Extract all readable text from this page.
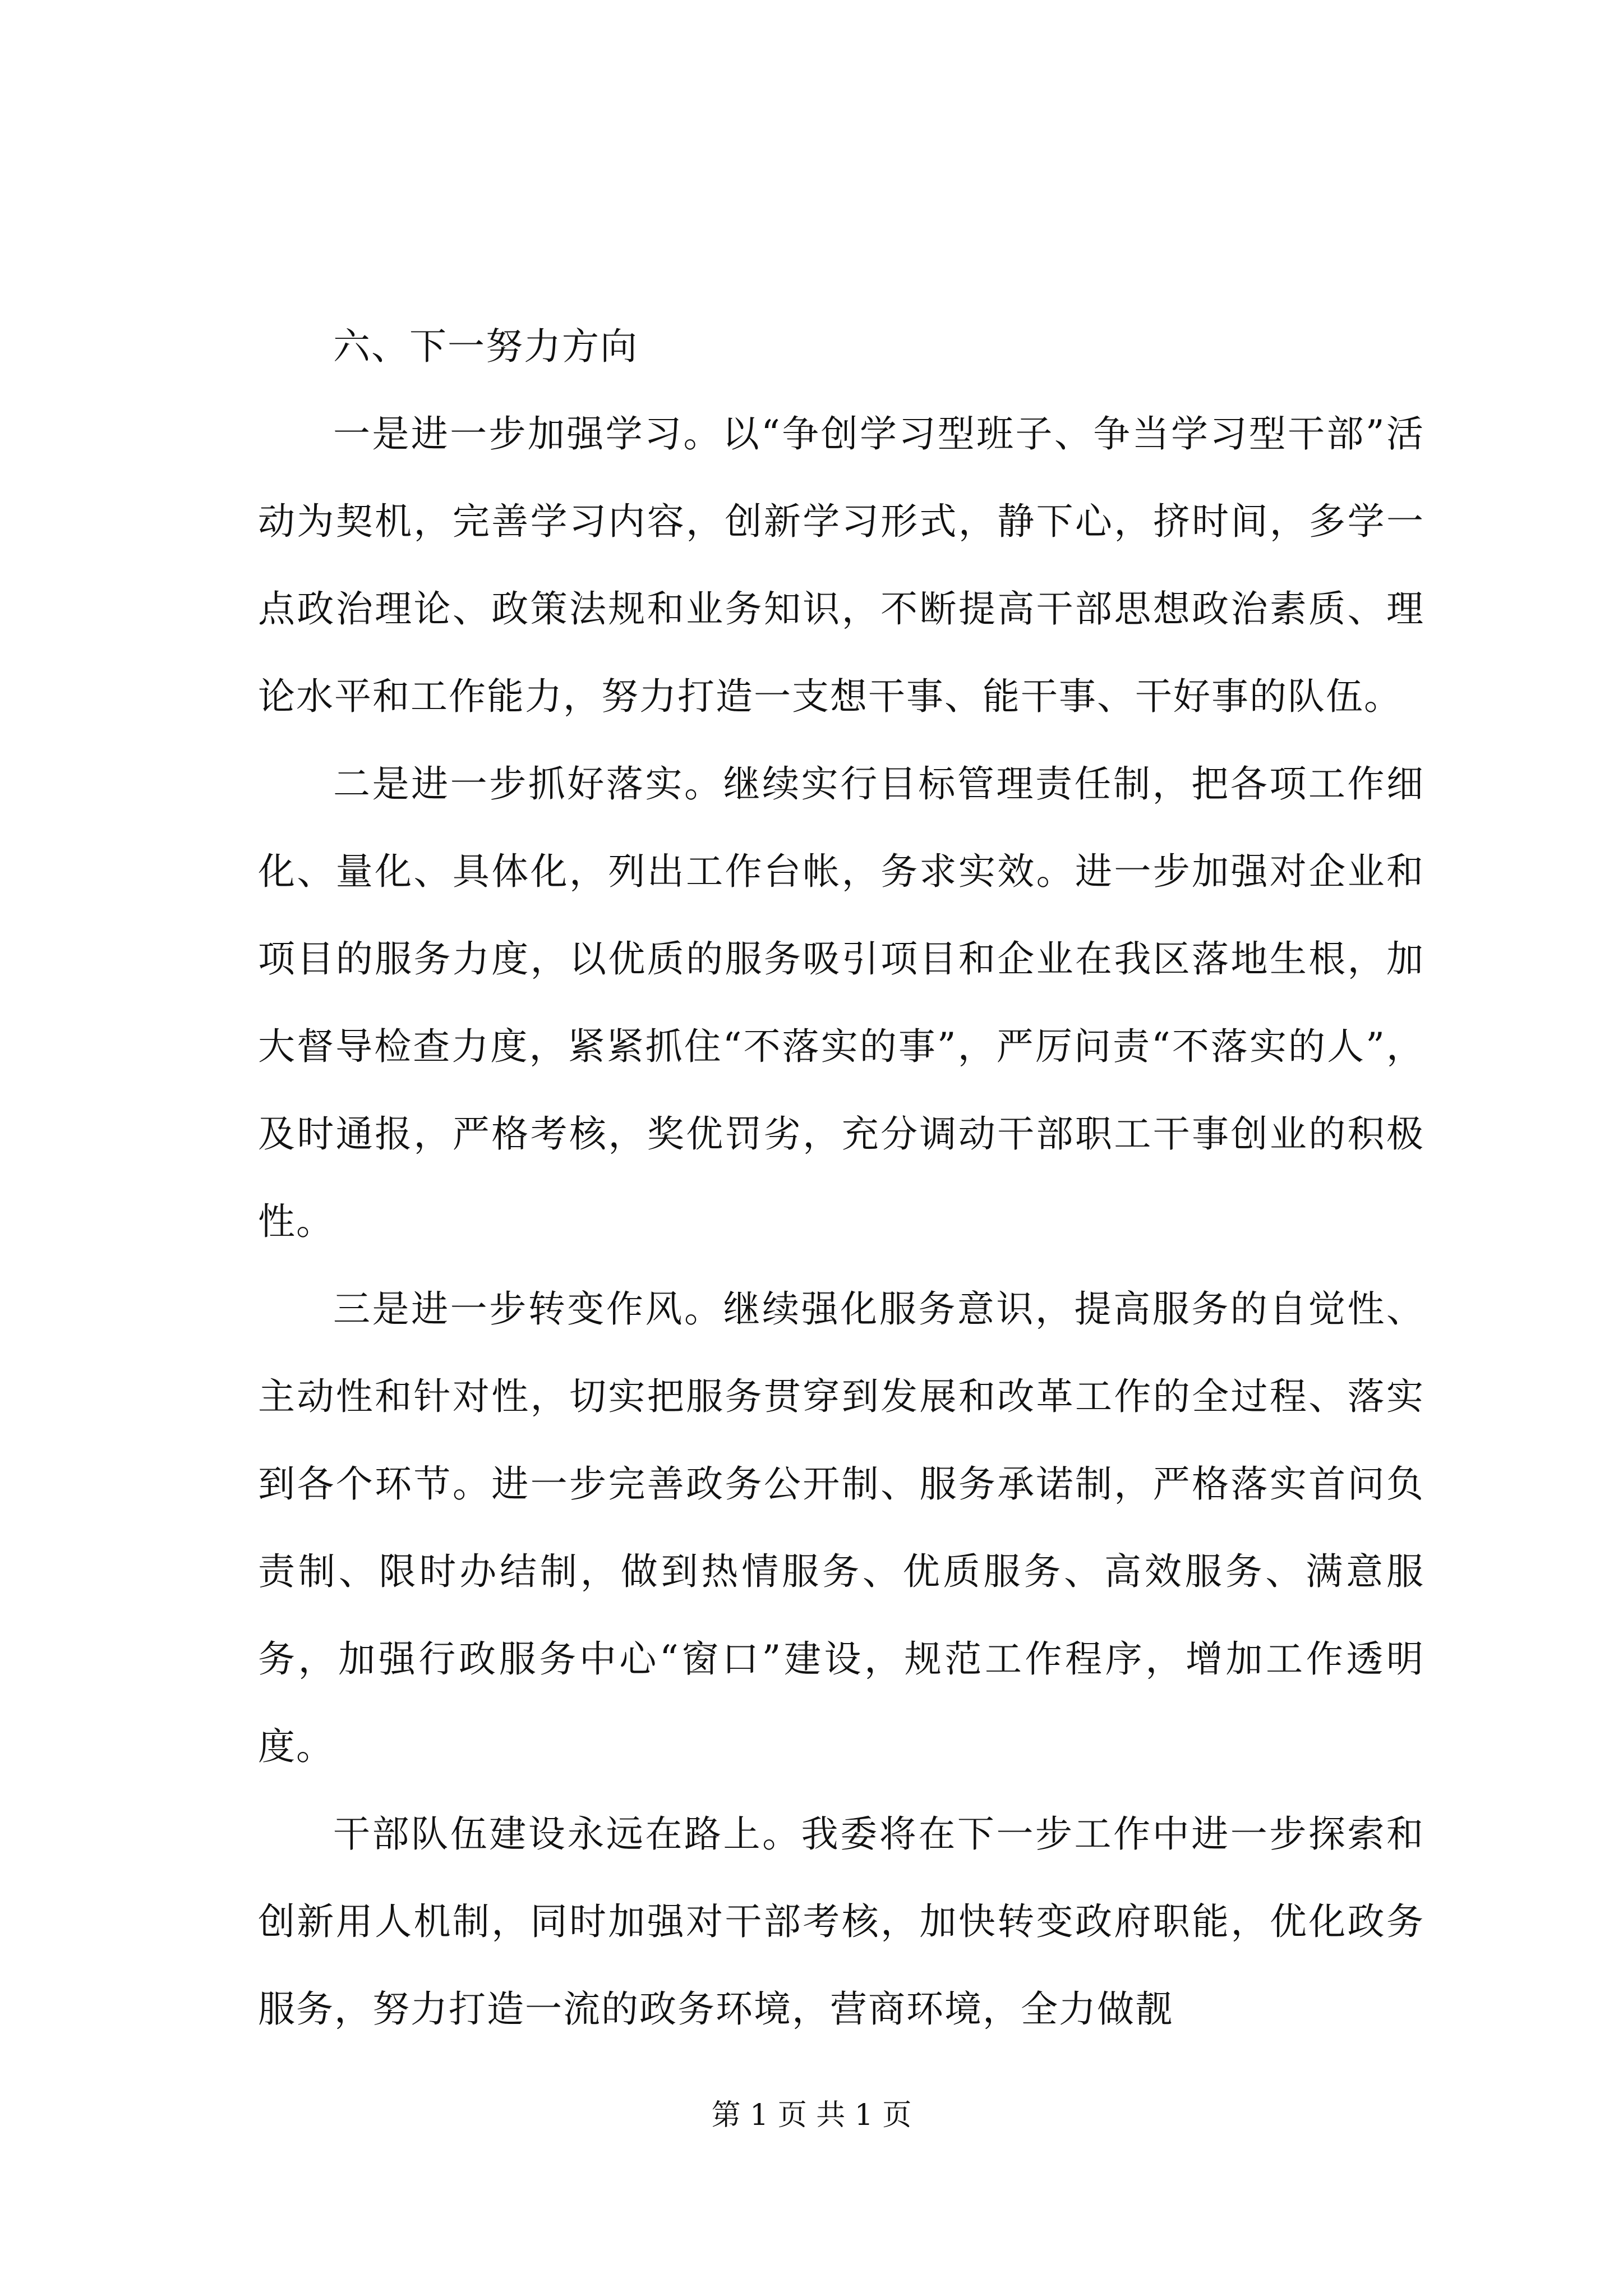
六、下一努力方向

一是进一步加强学习。以“争创学习型班子、争当学习型干部”活动为契机，完善学习内容，创新学习形式，静下心，挤时间，多学一点政治理论、政策法规和业务知识，不断提高干部思想政治素质、理论水平和工作能力，努力打造一支想干事、能干事、干好事的队伍。

二是进一步抓好落实。继续实行目标管理责任制，把各项工作细化、量化、具体化，列出工作台帐，务求实效。进一步加强对企业和项目的服务力度，以优质的服务吸引项目和企业在我区落地生根，加大督导检查力度，紧紧抓住“不落实的事”，严厉问责“不落实的人”，及时通报，严格考核，奖优罚劣，充分调动干部职工干事创业的积极性。

三是进一步转变作风。继续强化服务意识，提高服务的自觉性、主动性和针对性，切实把服务贯穿到发展和改革工作的全过程、落实到各个环节。进一步完善政务公开制、服务承诺制，严格落实首问负责制、限时办结制，做到热情服务、优质服务、高效服务、满意服务，加强行政服务中心“窗口”建设，规范工作程序，增加工作透明度。

干部队伍建设永远在路上。我委将在下一步工作中进一步探索和创新用人机制，同时加强对干部考核，加快转变政府职能，优化政务服务，努力打造一流的政务环境，营商环境，全力做靓

第 1 页 共 1 页
